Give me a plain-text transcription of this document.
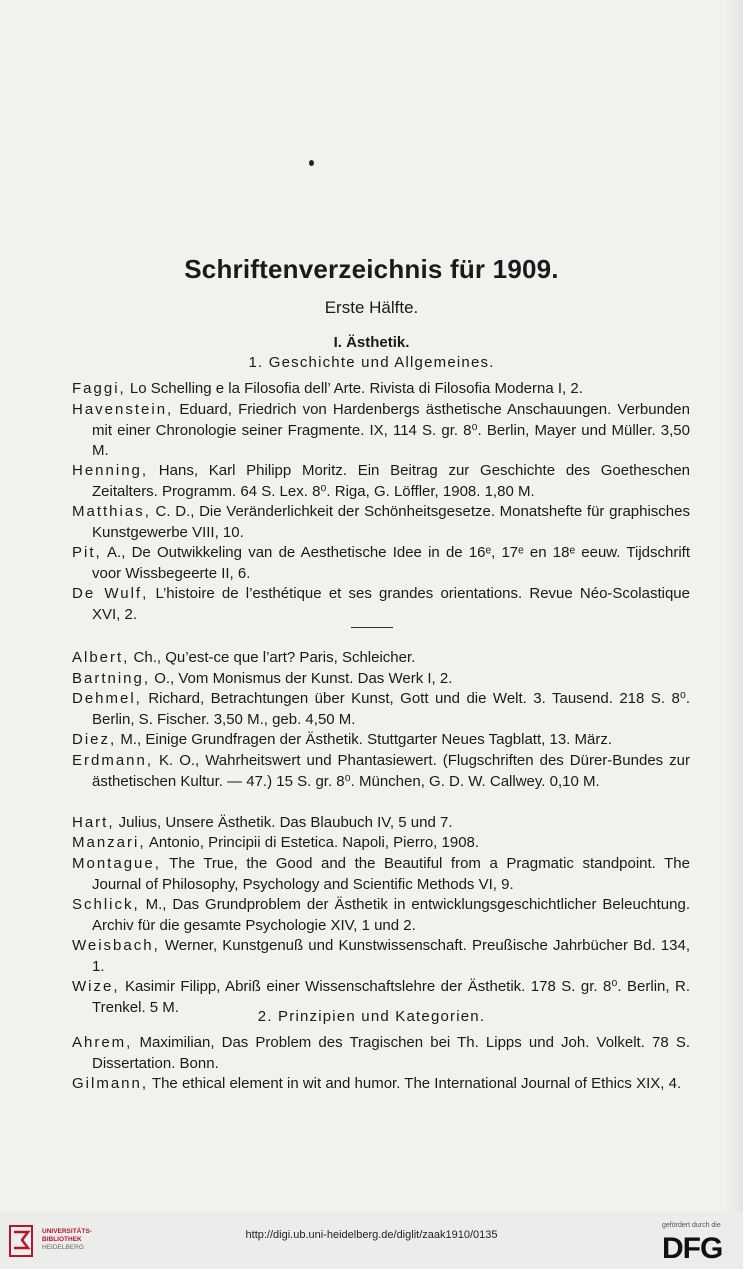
Schriftenverzeichnis für 1909.
Erste Hälfte.
I. Ästhetik.
1. Geschichte und Allgemeines.
Faggi, Lo Schelling e la Filosofia dell’ Arte. Rivista di Filosofia Moderna I, 2.
Havenstein, Eduard, Friedrich von Hardenbergs ästhetische Anschauungen. Verbunden mit einer Chronologie seiner Fragmente. IX, 114 S. gr. 8⁰. Berlin, Mayer und Müller. 3,50 M.
Henning, Hans, Karl Philipp Moritz. Ein Beitrag zur Geschichte des Goetheschen Zeitalters. Programm. 64 S. Lex. 8⁰. Riga, G. Löffler, 1908. 1,80 M.
Matthias, C. D., Die Veränderlichkeit der Schönheitsgesetze. Monatshefte für graphisches Kunstgewerbe VIII, 10.
Pit, A., De Outwikkeling van de Aesthetische Idee in de 16ᵉ, 17ᵉ en 18ᵉ eeuw. Tijdschrift voor Wissbegeerte II, 6.
De Wulf, L’histoire de l’esthétique et ses grandes orientations. Revue Néo-Scolastique XVI, 2.
Albert, Ch., Qu’est-ce que l’art? Paris, Schleicher.
Bartning, O., Vom Monismus der Kunst. Das Werk I, 2.
Dehmel, Richard, Betrachtungen über Kunst, Gott und die Welt. 3. Tausend. 218 S. 8⁰. Berlin, S. Fischer. 3,50 M., geb. 4,50 M.
Diez, M., Einige Grundfragen der Ästhetik. Stuttgarter Neues Tagblatt, 13. März.
Erdmann, K. O., Wahrheitswert und Phantasiewert. (Flugschriften des Dürer-Bundes zur ästhetischen Kultur. — 47.) 15 S. gr. 8⁰. München, G. D. W. Callwey. 0,10 M.
Hart, Julius, Unsere Ästhetik. Das Blaubuch IV, 5 und 7.
Manzari, Antonio, Principii di Estetica. Napoli, Pierro, 1908.
Montague, The True, the Good and the Beautiful from a Pragmatic standpoint. The Journal of Philosophy, Psychology and Scientific Methods VI, 9.
Schlick, M., Das Grundproblem der Ästhetik in entwicklungsgeschichtlicher Beleuchtung. Archiv für die gesamte Psychologie XIV, 1 und 2.
Weisbach, Werner, Kunstgenuß und Kunstwissenschaft. Preußische Jahrbücher Bd. 134, 1.
Wize, Kasimir Filipp, Abriß einer Wissenschaftslehre der Ästhetik. 178 S. gr. 8⁰. Berlin, R. Trenkel. 5 M.
2. Prinzipien und Kategorien.
Ahrem, Maximilian, Das Problem des Tragischen bei Th. Lipps und Joh. Volkelt. 78 S. Dissertation. Bonn.
Gilmann, The ethical element in wit and humor. The International Journal of Ethics XIX, 4.
UNIVERSITÄTS-
BIBLIOTHEK
HEIDELBERG
http://digi.ub.uni-heidelberg.de/diglit/zaak1910/0135
gefördert durch die
DFG
